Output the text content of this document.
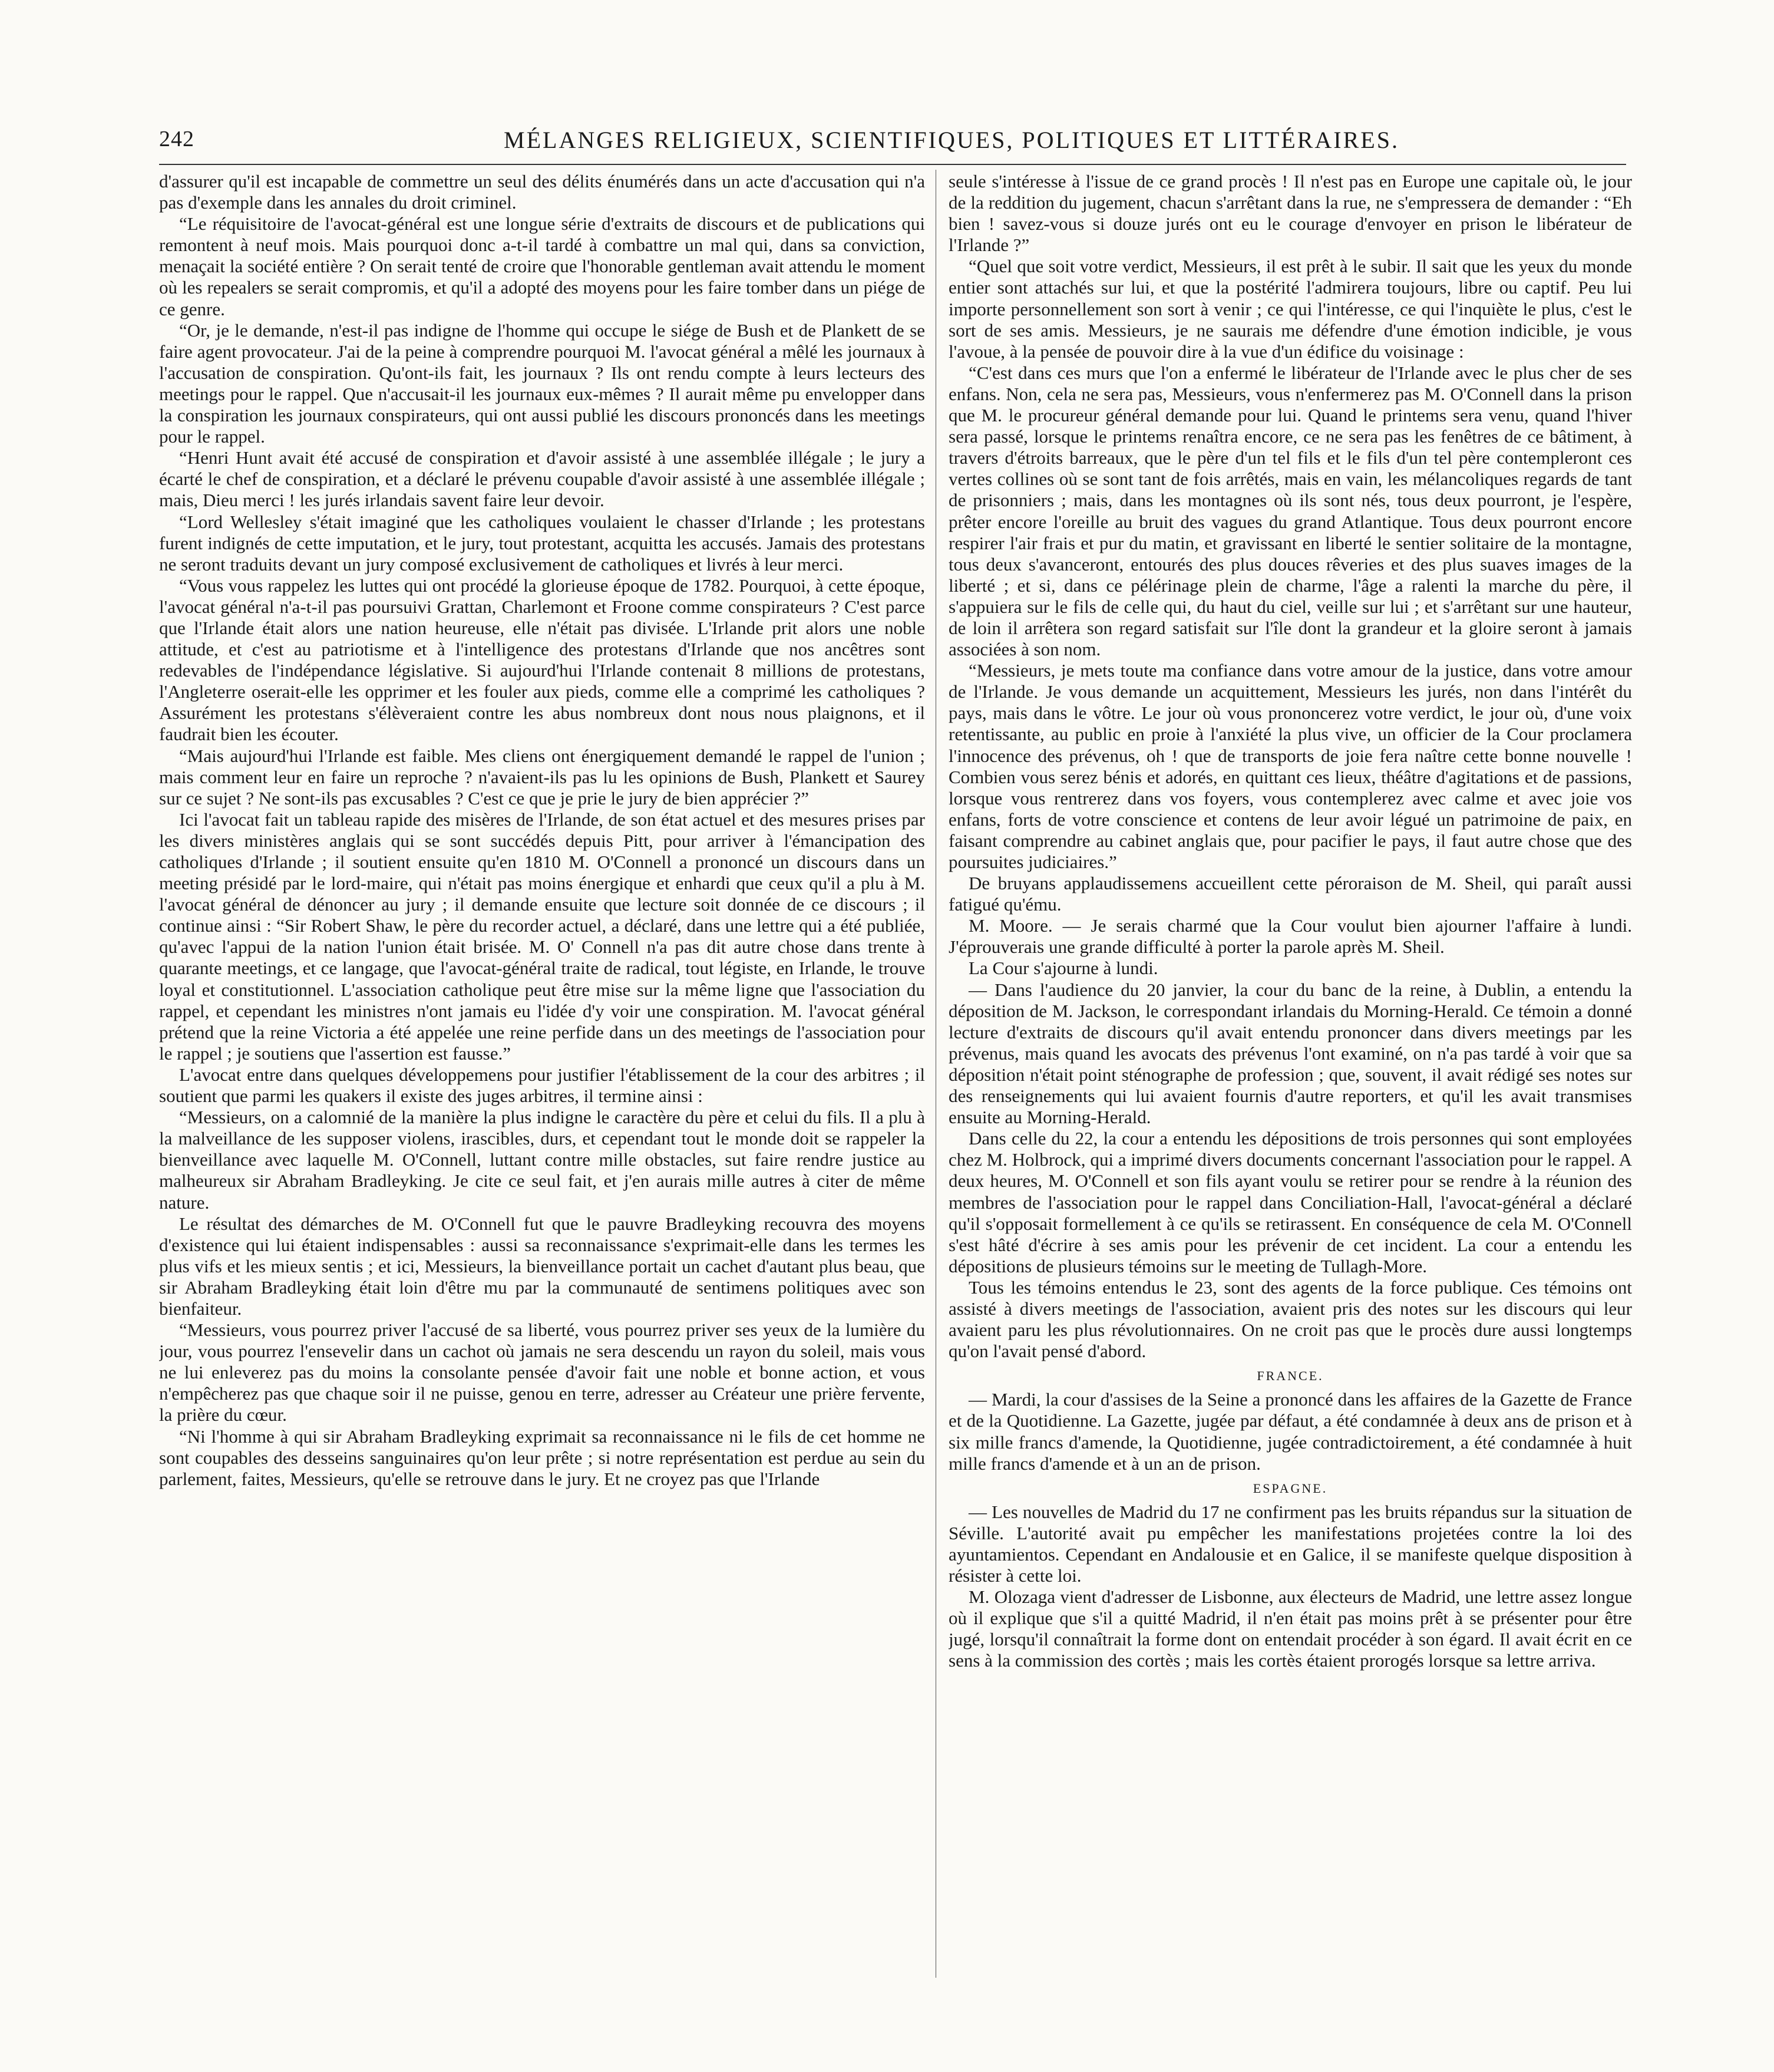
242	MÉLANGES RELIGIEUX, SCIENTIFIQUES, POLITIQUES ET LITTÉRAIRES.

d'assurer qu'il est incapable de commettre un seul des délits énumérés dans un acte d'accusation qui n'a pas d'exemple dans les annales du droit criminel.

“Le réquisitoire de l'avocat-général est une longue série d'extraits de discours et de publications qui remontent à neuf mois. Mais pourquoi donc a-t-il tardé à combattre un mal qui, dans sa conviction, menaçait la société entière ? On serait tenté de croire que l'honorable gentleman avait attendu le moment où les repealers se serait compromis, et qu'il a adopté des moyens pour les faire tomber dans un piége de ce genre.

“Or, je le demande, n'est-il pas indigne de l'homme qui occupe le siége de Bush et de Plankett de se faire agent provocateur. J'ai de la peine à comprendre pourquoi M. l'avocat général a mêlé les journaux à l'accusation de conspiration. Qu'ont-ils fait, les journaux ? Ils ont rendu compte à leurs lecteurs des meetings pour le rappel. Que n'accusait-il les journaux eux-mêmes ? Il aurait même pu envelopper dans la conspiration les journaux conspirateurs, qui ont aussi publié les discours prononcés dans les meetings pour le rappel.

“Henri Hunt avait été accusé de conspiration et d'avoir assisté à une assemblée illégale ; le jury a écarté le chef de conspiration, et a déclaré le prévenu coupable d'avoir assisté à une assemblée illégale ; mais, Dieu merci ! les jurés irlandais savent faire leur devoir.

“Lord Wellesley s'était imaginé que les catholiques voulaient le chasser d'Irlande ; les protestans furent indignés de cette imputation, et le jury, tout protestant, acquitta les accusés. Jamais des protestans ne seront traduits devant un jury composé exclusivement de catholiques et livrés à leur merci.

“Vous vous rappelez les luttes qui ont procédé la glorieuse époque de 1782. Pourquoi, à cette époque, l'avocat général n'a-t-il pas poursuivi Grattan, Charlemont et Froone comme conspirateurs ? C'est parce que l'Irlande était alors une nation heureuse, elle n'était pas divisée. L'Irlande prit alors une noble attitude, et c'est au patriotisme et à l'intelligence des protestans d'Irlande que nos ancêtres sont redevables de l'indépendance législative. Si aujourd'hui l'Irlande contenait 8 millions de protestans, l'Angleterre oserait-elle les opprimer et les fouler aux pieds, comme elle a comprimé les catholiques ? Assurément les protestans s'élèveraient contre les abus nombreux dont nous nous plaignons, et il faudrait bien les écouter.

“Mais aujourd'hui l'Irlande est faible. Mes cliens ont énergiquement demandé le rappel de l'union ; mais comment leur en faire un reproche ? n'avaient-ils pas lu les opinions de Bush, Plankett et Saurey sur ce sujet ? Ne sont-ils pas excusables ? C'est ce que je prie le jury de bien apprécier ?”

Ici l'avocat fait un tableau rapide des misères de l'Irlande, de son état actuel et des mesures prises par les divers ministères anglais qui se sont succédés depuis Pitt, pour arriver à l'émancipation des catholiques d'Irlande ; il soutient ensuite qu'en 1810 M. O'Connell a prononcé un discours dans un meeting présidé par le lord-maire, qui n'était pas moins énergique et enhardi que ceux qu'il a plu à M. l'avocat général de dénoncer au jury ; il demande ensuite que lecture soit donnée de ce discours ; il continue ainsi : “Sir Robert Shaw, le père du recorder actuel, a déclaré, dans une lettre qui a été publiée, qu'avec l'appui de la nation l'union était brisée. M. O' Connell n'a pas dit autre chose dans trente à quarante meetings, et ce langage, que l'avocat-général traite de radical, tout légiste, en Irlande, le trouve loyal et constitutionnel. L'association catholique peut être mise sur la même ligne que l'association du rappel, et cependant les ministres n'ont jamais eu l'idée d'y voir une conspiration. M. l'avocat général prétend que la reine Victoria a été appelée une reine perfide dans un des meetings de l'association pour le rappel ; je soutiens que l'assertion est fausse.”

L'avocat entre dans quelques développemens pour justifier l'établissement de la cour des arbitres ; il soutient que parmi les quakers il existe des juges arbitres, il termine ainsi :

“Messieurs, on a calomnié de la manière la plus indigne le caractère du père et celui du fils. Il a plu à la malveillance de les supposer violens, irascibles, durs, et cependant tout le monde doit se rappeler la bienveillance avec laquelle M. O'Connell, luttant contre mille obstacles, sut faire rendre justice au malheureux sir Abraham Bradleyking. Je cite ce seul fait, et j'en aurais mille autres à citer de même nature.

Le résultat des démarches de M. O'Connell fut que le pauvre Bradleyking recouvra des moyens d'existence qui lui étaient indispensables : aussi sa reconnaissance s'exprimait-elle dans les termes les plus vifs et les mieux sentis ; et ici, Messieurs, la bienveillance portait un cachet d'autant plus beau, que sir Abraham Bradleyking était loin d'être mu par la communauté de sentimens politiques avec son bienfaiteur.

“Messieurs, vous pourrez priver l'accusé de sa liberté, vous pourrez priver ses yeux de la lumière du jour, vous pourrez l'ensevelir dans un cachot où jamais ne sera descendu un rayon du soleil, mais vous ne lui enleverez pas du moins la consolante pensée d'avoir fait une noble et bonne action, et vous n'empêcherez pas que chaque soir il ne puisse, genou en terre, adresser au Créateur une prière fervente, la prière du cœur.

“Ni l'homme à qui sir Abraham Bradleyking exprimait sa reconnaissance ni le fils de cet homme ne sont coupables des desseins sanguinaires qu'on leur prête ; si notre représentation est perdue au sein du parlement, faites, Messieurs, qu'elle se retrouve dans le jury. Et ne croyez pas que l'Irlande

seule s'intéresse à l'issue de ce grand procès ! Il n'est pas en Europe une capitale où, le jour de la reddition du jugement, chacun s'arrêtant dans la rue, ne s'empressera de demander : “Eh bien ! savez-vous si douze jurés ont eu le courage d'envoyer en prison le libérateur de l'Irlande ?”

“Quel que soit votre verdict, Messieurs, il est prêt à le subir. Il sait que les yeux du monde entier sont attachés sur lui, et que la postérité l'admirera toujours, libre ou captif. Peu lui importe personnellement son sort à venir ; ce qui l'intéresse, ce qui l'inquiète le plus, c'est le sort de ses amis. Messieurs, je ne saurais me défendre d'une émotion indicible, je vous l'avoue, à la pensée de pouvoir dire à la vue d'un édifice du voisinage :

“C'est dans ces murs que l'on a enfermé le libérateur de l'Irlande avec le plus cher de ses enfans. Non, cela ne sera pas, Messieurs, vous n'enfermerez pas M. O'Connell dans la prison que M. le procureur général demande pour lui. Quand le printems sera venu, quand l'hiver sera passé, lorsque le printems renaîtra encore, ce ne sera pas les fenêtres de ce bâtiment, à travers d'étroits barreaux, que le père d'un tel fils et le fils d'un tel père contempleront ces vertes collines où se sont tant de fois arrêtés, mais en vain, les mélancoliques regards de tant de prisonniers ; mais, dans les montagnes où ils sont nés, tous deux pourront, je l'espère, prêter encore l'oreille au bruit des vagues du grand Atlantique. Tous deux pourront encore respirer l'air frais et pur du matin, et gravissant en liberté le sentier solitaire de la montagne, tous deux s'avanceront, entourés des plus douces rêveries et des plus suaves images de la liberté ; et si, dans ce pélérinage plein de charme, l'âge a ralenti la marche du père, il s'appuiera sur le fils de celle qui, du haut du ciel, veille sur lui ; et s'arrêtant sur une hauteur, de loin il arrêtera son regard satisfait sur l'île dont la grandeur et la gloire seront à jamais associées à son nom.

“Messieurs, je mets toute ma confiance dans votre amour de la justice, dans votre amour de l'Irlande. Je vous demande un acquittement, Messieurs les jurés, non dans l'intérêt du pays, mais dans le vôtre. Le jour où vous prononcerez votre verdict, le jour où, d'une voix retentissante, au public en proie à l'anxiété la plus vive, un officier de la Cour proclamera l'innocence des prévenus, oh ! que de transports de joie fera naître cette bonne nouvelle ! Combien vous serez bénis et adorés, en quittant ces lieux, théâtre d'agitations et de passions, lorsque vous rentrerez dans vos foyers, vous contemplerez avec calme et avec joie vos enfans, forts de votre conscience et contens de leur avoir légué un patrimoine de paix, en faisant comprendre au cabinet anglais que, pour pacifier le pays, il faut autre chose que des poursuites judiciaires.”

De bruyans applaudissemens accueillent cette péroraison de M. Sheil, qui paraît aussi fatigué qu'ému.

M. Moore. — Je serais charmé que la Cour voulut bien ajourner l'affaire à lundi. J'éprouverais une grande difficulté à porter la parole après M. Sheil.

La Cour s'ajourne à lundi.

— Dans l'audience du 20 janvier, la cour du banc de la reine, à Dublin, a entendu la déposition de M. Jackson, le correspondant irlandais du Morning-Herald. Ce témoin a donné lecture d'extraits de discours qu'il avait entendu prononcer dans divers meetings par les prévenus, mais quand les avocats des prévenus l'ont examiné, on n'a pas tardé à voir que sa déposition n'était point sténographe de profession ; que, souvent, il avait rédigé ses notes sur des renseignements qui lui avaient fournis d'autre reporters, et qu'il les avait transmises ensuite au Morning-Herald.

Dans celle du 22, la cour a entendu les dépositions de trois personnes qui sont employées chez M. Holbrock, qui a imprimé divers documents concernant l'association pour le rappel. A deux heures, M. O'Connell et son fils ayant voulu se retirer pour se rendre à la réunion des membres de l'association pour le rappel dans Conciliation-Hall, l'avocat-général a déclaré qu'il s'opposait formellement à ce qu'ils se retirassent. En conséquence de cela M. O'Connell s'est hâté d'écrire à ses amis pour les prévenir de cet incident. La cour a entendu les dépositions de plusieurs témoins sur le meeting de Tullagh-More.

Tous les témoins entendus le 23, sont des agents de la force publique. Ces témoins ont assisté à divers meetings de l'association, avaient pris des notes sur les discours qui leur avaient paru les plus révolutionnaires. On ne croit pas que le procès dure aussi longtemps qu'on l'avait pensé d'abord.

FRANCE.

— Mardi, la cour d'assises de la Seine a prononcé dans les affaires de la Gazette de France et de la Quotidienne. La Gazette, jugée par défaut, a été condamnée à deux ans de prison et à six mille francs d'amende, la Quotidienne, jugée contradictoirement, a été condamnée à huit mille francs d'amende et à un an de prison.

ESPAGNE.

— Les nouvelles de Madrid du 17 ne confirment pas les bruits répandus sur la situation de Séville. L'autorité avait pu empêcher les manifestations projetées contre la loi des ayuntamientos. Cependant en Andalousie et en Galice, il se manifeste quelque disposition à résister à cette loi.

M. Olozaga vient d'adresser de Lisbonne, aux électeurs de Madrid, une lettre assez longue où il explique que s'il a quitté Madrid, il n'en était pas moins prêt à se présenter pour être jugé, lorsqu'il connaîtrait la forme dont on entendait procéder à son égard. Il avait écrit en ce sens à la commission des cortès ; mais les cortès étaient prorogés lorsque sa lettre arriva.
